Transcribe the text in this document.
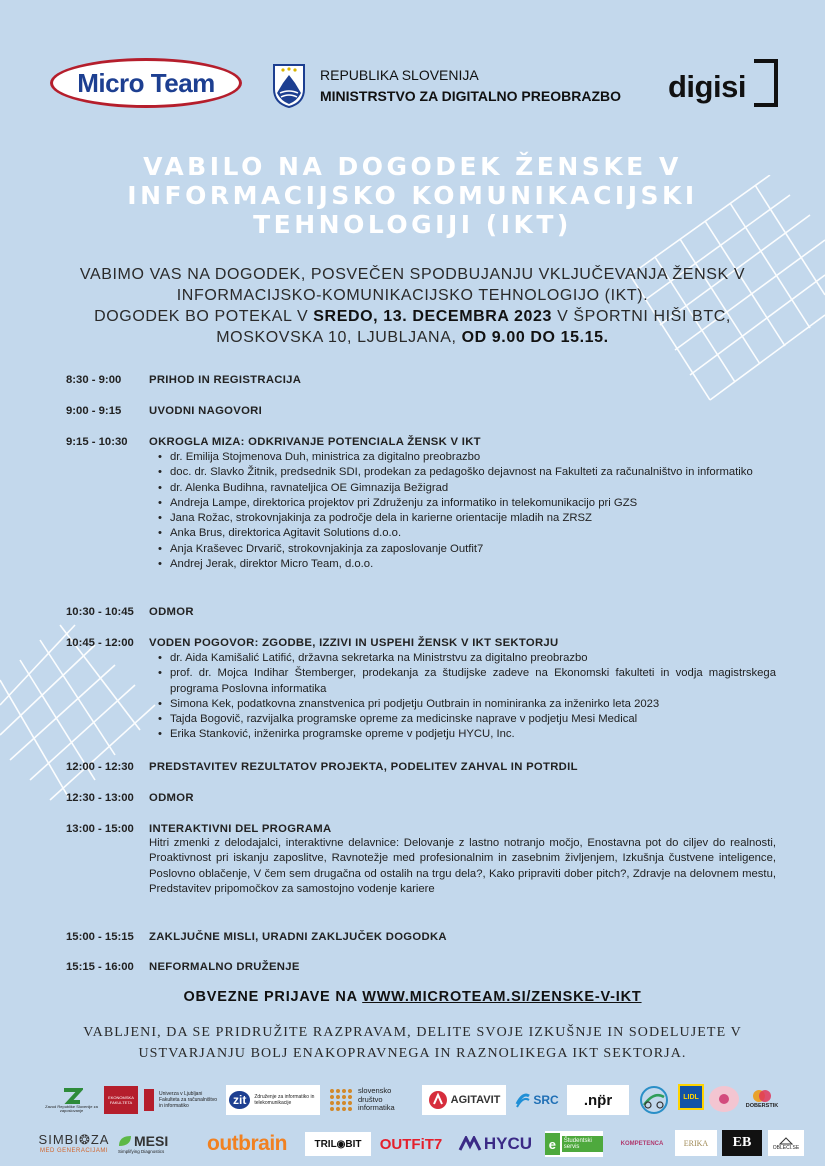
Micro Team	REPUBLIKA SLOVENIJA
MINISTRSTVO ZA DIGITALNO PREOBRAZBO digisi
VABILO NA DOGODEK ŽENSKE V INFORMACIJSKO KOMUNIKACIJSKI TEHNOLOGIJI (IKT)
VABIMO VAS NA DOGODEK, POSVEČEN SPODBUJANJU VKLJUČEVANJA ŽENSK V INFORMACIJSKO-KOMUNIKACIJSKO TEHNOLOGIJO (IKT).
DOGODEK BO POTEKAL V SREDO, 13. DECEMBRA 2023 V ŠPORTNI HIŠI BTC, MOSKOVSKA 10, LJUBLJANA, OD 9.00 DO 15.15.
8:30 - 9:00 PRIHOD IN REGISTRACIJA
9:00 - 9:15 UVODNI NAGOVORI
9:15 - 10:30 OKROGLA MIZA: ODKRIVANJE POTENCIALA ŽENSK V IKT
• dr. Emilija Stojmenova Duh, ministrica za digitalno preobrazbo
• doc. dr. Slavko Žitnik, predsednik SDI, prodekan za pedagoško dejavnost na Fakulteti za računalništvo in informatiko
• dr. Alenka Budihna, ravnateljica OE Gimnazija Bežigrad
• Andreja Lampe, direktorica projektov pri Združenju za informatiko in telekomunikacijo pri GZS
• Jana Rožac, strokovnjakinja za področje dela in karierne orientacije mladih na ZRSZ
• Anka Brus, direktorica Agitavit Solutions d.o.o.
• Anja Kraševec Drvarič, strokovnjakinja za zaposlovanje Outfit7
• Andrej Jerak, direktor Micro Team, d.o.o.
10:30 - 10:45 ODMOR
10:45 - 12:00 VODEN POGOVOR: ZGODBE, IZZIVI IN USPEHI ŽENSK V IKT SEKTORJU
• dr. Aida Kamišalić Latifić, državna sekretarka na Ministrstvu za digitalno preobrazbo
• prof. dr. Mojca Indihar Štemberger, prodekanja za študijske zadeve na Ekonomski fakulteti in vodja magistrskega programa Poslovna informatika
• Simona Kek, podatkovna znanstvenica pri podjetju Outbrain in nominiranka za inženirko leta 2023
• Tajda Bogovič, razvijalka programske opreme za medicinske naprave v podjetju Mesi Medical
• Erika Stanković, inženirka programske opreme v podjetju HYCU, Inc.
12:00 - 12:30 PREDSTAVITEV REZULTATOV PROJEKTA, PODELITEV ZAHVAL IN POTRDIL
12:30 - 13:00 ODMOR
13:00 - 15:00 INTERAKTIVNI DEL PROGRAMA
Hitri zmenki z delodajalci, interaktivne delavnice: Delovanje z lastno notranjo močjo, Enostavna pot do ciljev do realnosti, Proaktivnost pri iskanju zaposlitve, Ravnotežje med profesionalnim in zasebnim življenjem, Izkušnja čustvene inteligence, Poslovno oblačenje, V čem sem drugačna od ostalih na trgu dela?, Kako pripraviti dober pitch?, Zdravje na delovnem mestu, Predstavitev pripomočkov za samostojno vodenje kariere
15:00 - 15:15 ZAKLJUČNE MISLI, URADNI ZAKLJUČEK DOGODKA
15:15 - 16:00 NEFORMALNO DRUŽENJE
OBVEZNE PRIJAVE NA WWW.MICROTEAM.SI/ZENSKE-V-IKT
VABLJENI, DA SE PRIDRUŽITE RAZPRAVAM, DELITE SVOJE IZKUŠNJE IN SODELUJETE V USTVARJANJU BOLJ ENAKOPRAVNEGA IN RAZNOLIKEGA IKT SEKTORJA.
Zavod Republike Slovenije za zaposlovanje
EKONOMSKA FAKULTETA
Univerza v Ljubljani Fakulteta za računalništvo in informatiko	zit	Združenje za informatiko in telekomunikacije
slovensko društvo informatika
AGITAVIT	SRC .np̈r	LIDL
DOBERSTIK
SIMBI❂ZA
MED GENERACIJAMI
MESI
Simplifying Diagnostics outbrain	TRIL◉BIT OUTFiT7 HYCU e	Študentski servis	KOMPETENCA	ERIKA EB	OBLECI.SE
